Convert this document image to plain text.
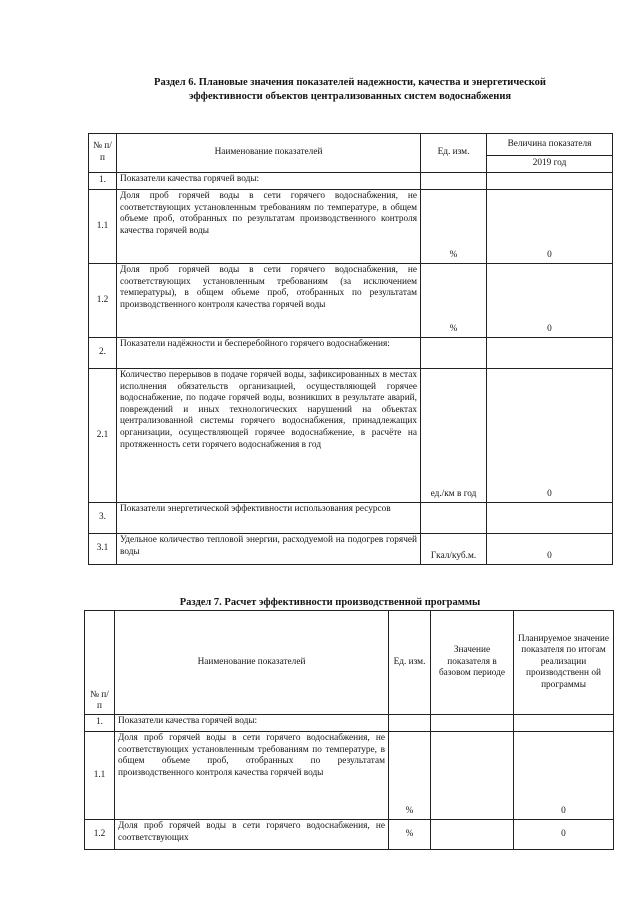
Раздел 6. Плановые значения показателей надежности, качества и энергетической эффективности объектов централизованных систем водоснабжения
№ п/п	Наименование показателей	Ед. изм.	Величина показателя
			2019 год
1.	Показатели качества горячей воды:		
1.1	Доля проб горячей воды в сети горячего водоснабжения, не соответствующих установленным требованиям по температуре, в общем объеме проб, отобранных по результатам производственного контроля качества горячей воды	%	0
1.2	Доля проб горячей воды в сети горячего водоснабжения, не соответствующих установленным требованиям (за исключением температуры), в общем объеме проб, отобранных по результатам производственного контроля качества горячей воды	%	0
2.	Показатели надёжности и бесперебойного горячего водоснабжения:		
2.1	Количество перерывов в подаче горячей воды, зафиксированных в местах исполнения обязательств организацией, осуществляющей горячее водоснабжение, по подаче горячей воды, возникших в результате аварий, повреждений и иных технологических нарушений на объектах централизованной системы горячего водоснабжения, принадлежащих организации, осуществляющей горячее водоснабжение, в расчёте на протяженность сети горячего водоснабжения в год	ед./км в год	0
3.	Показатели энергетической эффективности использования ресурсов		
3.1	Удельное количество тепловой энергии, расходуемой на подогрев горячей воды	Гкал/куб.м.	0
Раздел 7. Расчет эффективности производственной программы
№ п/п	Наименование показателей	Ед. изм.	Значение показателя в базовом периоде	Планируемое значение показателя по итогам реализации производственн ой программы
1.	Показатели качества горячей воды:			
1.1	Доля проб горячей воды в сети горячего водоснабжения, не соответствующих установленным требованиям по температуре, в общем объеме проб, отобранных по результатам производственного контроля качества горячей воды	%		0
1.2	Доля проб горячей воды в сети горячего водоснабжения, не соответствующих	%		0
